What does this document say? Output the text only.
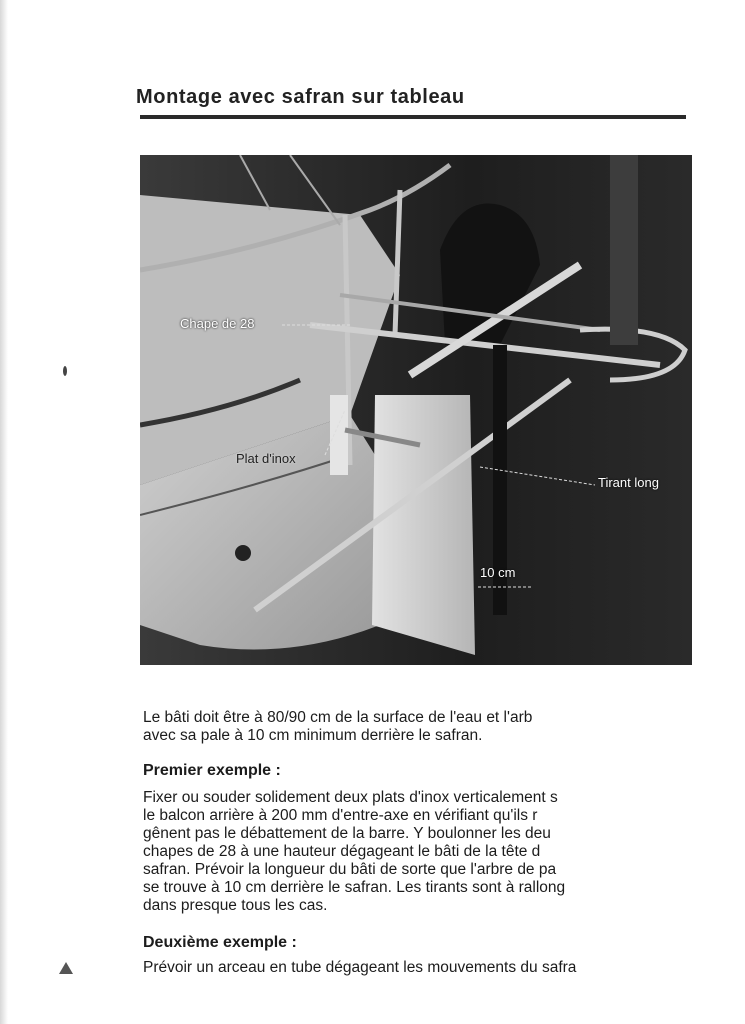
Montage avec safran sur tableau
Chape de 28
Plat d'inox
Tirant long
10 cm
Le bâti doit être à 80/90 cm de la surface de l'eau et l'arb
avec sa pale à 10 cm minimum derrière le safran.
Premier exemple :
Fixer ou souder solidement deux plats d'inox verticalement s
le balcon arrière à 200 mm d'entre-axe en vérifiant qu'ils r
gênent pas le débattement de la barre. Y boulonner les deu
chapes de 28 à une hauteur dégageant le bâti de la tête d
safran. Prévoir la longueur du bâti de sorte que l'arbre de pa
se trouve à 10 cm derrière le safran. Les tirants sont à rallong
dans presque tous les cas.
Deuxième exemple :
Prévoir un arceau en tube dégageant les mouvements du safra
